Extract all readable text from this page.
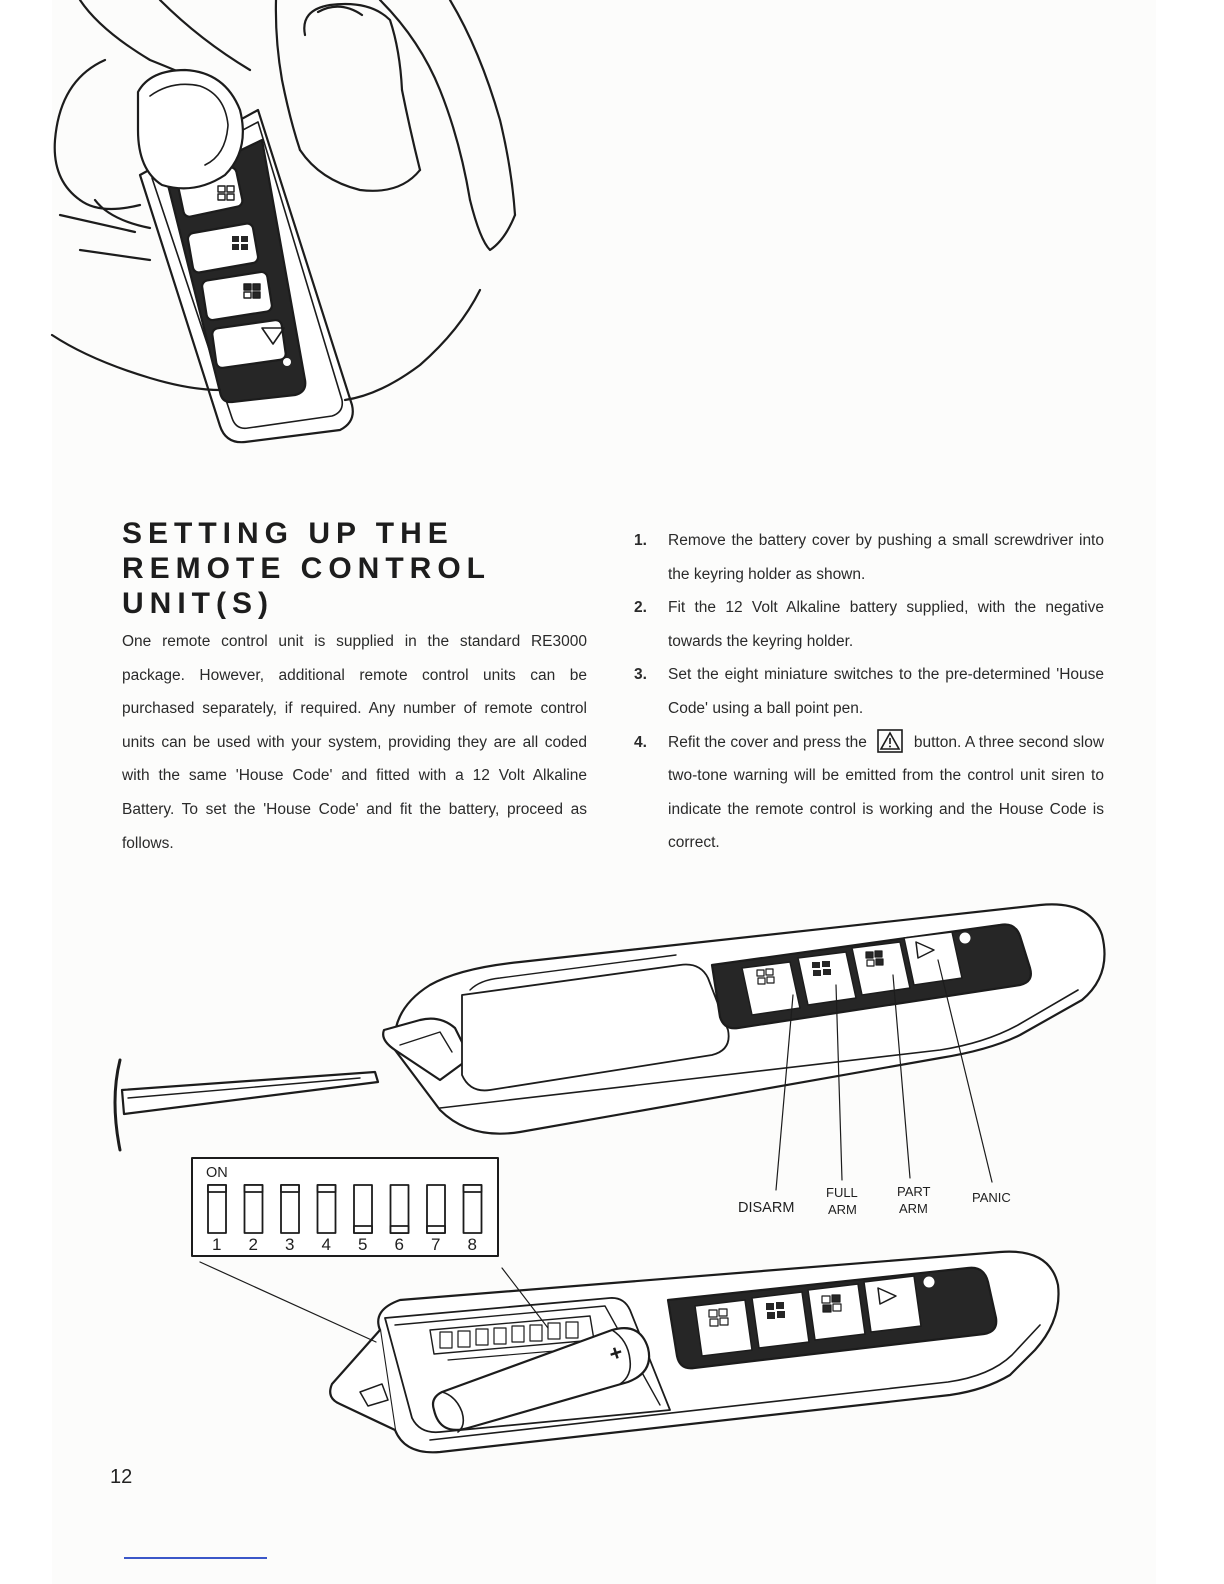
+
ON
1 2 3 4 5 6 7 8
DISARM
FULL
ARM
PART
ARM
PANIC
SETTING UP THE
REMOTE CONTROL
UNIT(S)

One remote control unit is supplied in the standard RE3000 package. However, additional remote control units can be purchased separately, if required. Any number of remote control units can be used with your system, providing they are all coded with the same 'House Code' and fitted with a 12 Volt Alkaline Battery. To set the 'House Code' and fit the battery, proceed as follows.

1. Remove the battery cover by pushing a small screwdriver into the keyring holder as shown.
2. Fit the 12 Volt Alkaline battery supplied, with the negative towards the keyring holder.
3. Set the eight miniature switches to the pre-determined 'House Code' using a ball point pen.
4. Refit the cover and press the	button. A three second slow two-tone warning will be emitted from the control unit siren to indicate the remote control is working and the House Code is correct.
12
